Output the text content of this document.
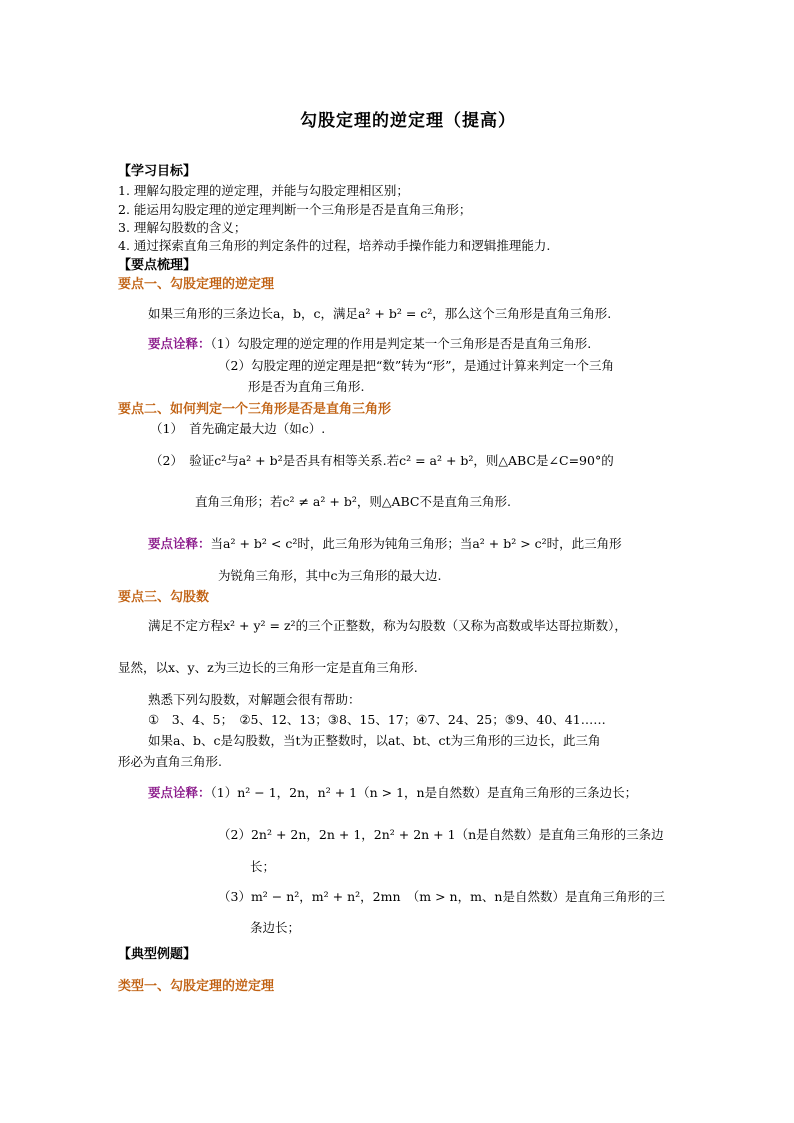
勾股定理的逆定理（提高）
【学习目标】
1. 理解勾股定理的逆定理，并能与勾股定理相区别；
2. 能运用勾股定理的逆定理判断一个三角形是否是直角三角形；
3. 理解勾股数的含义；
4. 通过探索直角三角形的判定条件的过程，培养动手操作能力和逻辑推理能力.
【要点梳理】
要点一、勾股定理的逆定理
如果三角形的三条边长a，b，c，满足a² + b² = c²，那么这个三角形是直角三角形.
要点诠释：（1）勾股定理的逆定理的作用是判定某一个三角形是否是直角三角形.
（2）勾股定理的逆定理是把“数”转为“形”，是通过计算来判定一个三角
形是否为直角三角形.
要点二、如何判定一个三角形是否是直角三角形
（1）　首先确定最大边（如c）.
（2）　验证c²与a² + b²是否具有相等关系.若c² = a² + b²，则△ABC是∠C=90°的
直角三角形；若c² ≠ a² + b²，则△ABC不是直角三角形.
要点诠释：当a² + b² < c²时，此三角形为钝角三角形；当a² + b² > c²时，此三角形
为锐角三角形，其中c为三角形的最大边.
要点三、勾股数
满足不定方程x² + y² = z²的三个正整数，称为勾股数（又称为高数或毕达哥拉斯数），
显然，以x、y、z为三边长的三角形一定是直角三角形.
熟悉下列勾股数，对解题会很有帮助：
①　3、4、5；　②5、12、13；③8、15、17；④7、24、25；⑤9、40、41……
如果a、b、c是勾股数，当t为正整数时，以at、bt、ct为三角形的三边长，此三角
形必为直角三角形.
要点诠释：（1）n² − 1，2n，n² + 1（n > 1，n是自然数）是直角三角形的三条边长；
（2）2n² + 2n，2n + 1，2n² + 2n + 1（n是自然数）是直角三角形的三条边
长；
（3）m² − n²，m² + n²，2mn　（m > n，m、n是自然数）是直角三角形的三
条边长；
【典型例题】
类型一、勾股定理的逆定理
